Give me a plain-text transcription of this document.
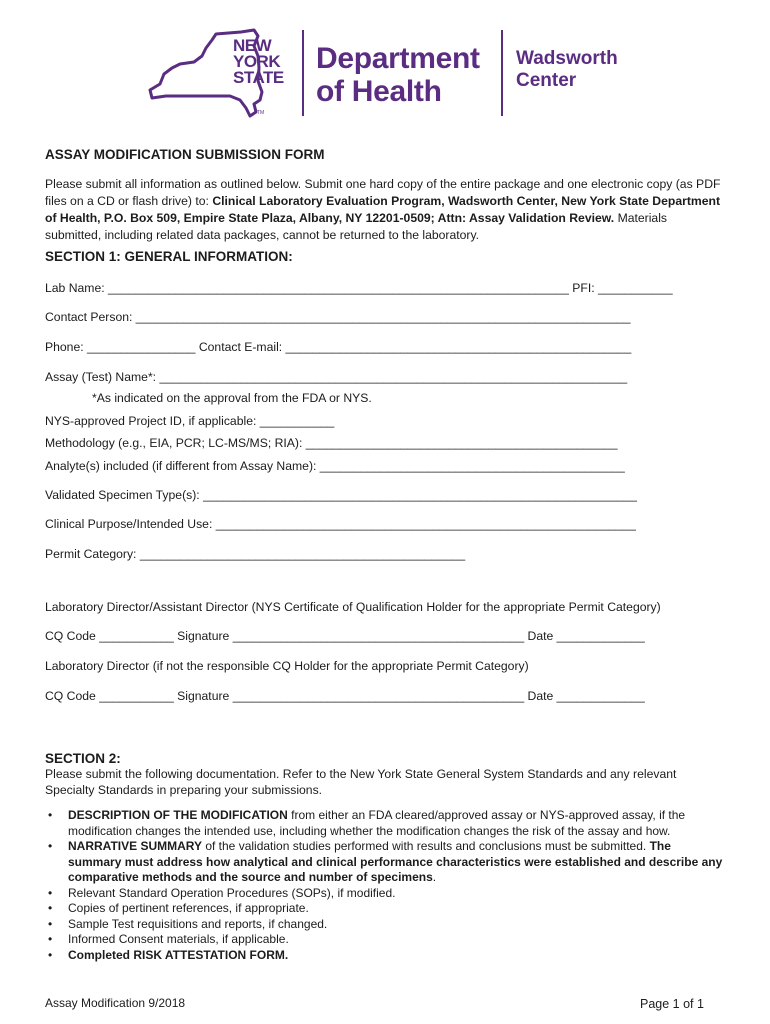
NEW
YORK
STATE
TM
Department
of Health
Wadsworth
Center
ASSAY MODIFICATION SUBMISSION FORM
Please submit all information as outlined below. Submit one hard copy of the entire package and one electronic copy (as PDF files on a CD or flash drive) to: Clinical Laboratory Evaluation Program, Wadsworth Center, New York State Department of Health, P.O. Box 509, Empire State Plaza, Albany, NY 12201-0509; Attn: Assay Validation Review. Materials submitted, including related data packages, cannot be returned to the laboratory.
SECTION 1: GENERAL INFORMATION:
Lab Name: ____________________________________________________________________ PFI: ___________
Contact Person: _________________________________________________________________________
Phone: ________________ Contact E-mail: ___________________________________________________
Assay (Test) Name*: _____________________________________________________________________
*As indicated on the approval from the FDA or NYS.
NYS-approved Project ID, if applicable: ___________
Methodology (e.g., EIA, PCR; LC-MS/MS; RIA): ______________________________________________
Analyte(s) included (if different from Assay Name): _____________________________________________
Validated Specimen Type(s): ________________________________________________________________
Clinical Purpose/Intended Use: ______________________________________________________________
Permit Category: ________________________________________________
Laboratory Director/Assistant Director (NYS Certificate of Qualification Holder for the appropriate Permit Category)
CQ Code ___________ Signature ___________________________________________ Date _____________
Laboratory Director (if not the responsible CQ Holder for the appropriate Permit Category)
CQ Code ___________ Signature ___________________________________________ Date _____________
SECTION 2:
Please submit the following documentation. Refer to the New York State General System Standards and any relevant Specialty Standards in preparing your submissions.
• DESCRIPTION OF THE MODIFICATION from either an FDA cleared/approved assay or NYS-approved assay, if the modification changes the intended use, including whether the modification changes the risk of the assay and how.
• NARRATIVE SUMMARY of the validation studies performed with results and conclusions must be submitted. The summary must address how analytical and clinical performance characteristics were established and describe any comparative methods and the source and number of specimens.
• Relevant Standard Operation Procedures (SOPs), if modified.
• Copies of pertinent references, if appropriate.
• Sample Test requisitions and reports, if changed.
• Informed Consent materials, if applicable.
• Completed RISK ATTESTATION FORM.
Assay Modification 9/2018	Page 1 of 1
